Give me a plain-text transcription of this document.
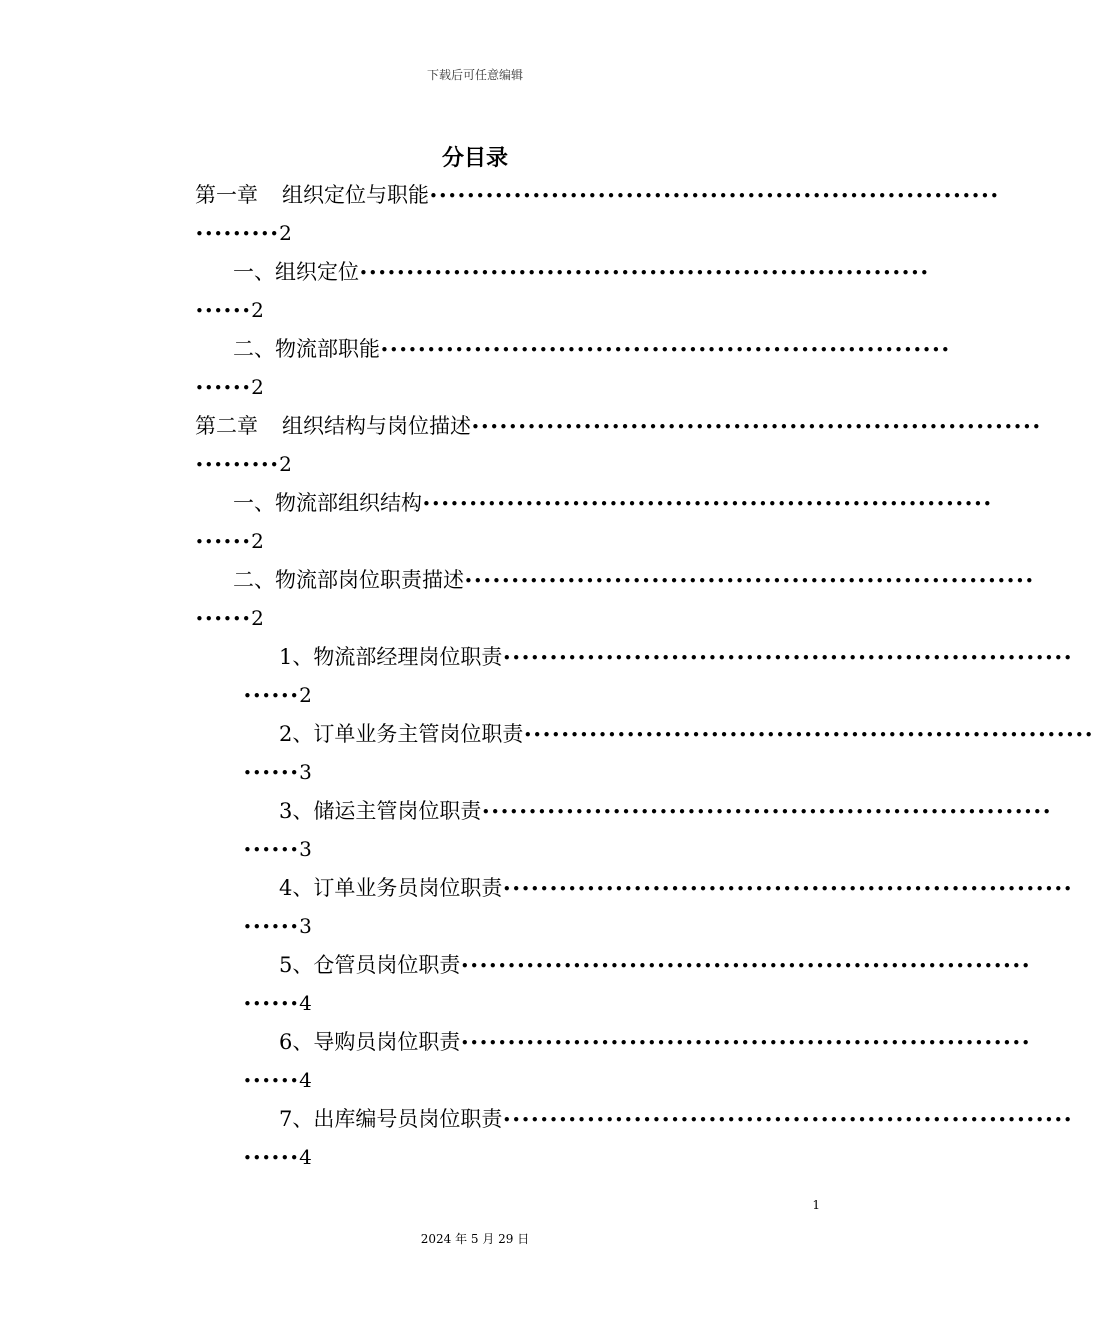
下载后可任意编辑
分目录
第一章 组织定位与职能•••••••••••••••••••••••••••••••••••••••••••••••••••••••••••••
•••••••••2
一、组织定位•••••••••••••••••••••••••••••••••••••••••••••••••••••••••••••
••••••2
二、物流部职能•••••••••••••••••••••••••••••••••••••••••••••••••••••••••••••
••••••2
第二章 组织结构与岗位描述•••••••••••••••••••••••••••••••••••••••••••••••••••••••••••••
•••••••••2
一、物流部组织结构•••••••••••••••••••••••••••••••••••••••••••••••••••••••••••••
••••••2
二、物流部岗位职责描述•••••••••••••••••••••••••••••••••••••••••••••••••••••••••••••
••••••2
1、物流部经理岗位职责•••••••••••••••••••••••••••••••••••••••••••••••••••••••••••••
••••••2
2、订单业务主管岗位职责•••••••••••••••••••••••••••••••••••••••••••••••••••••••••••••
••••••3
3、储运主管岗位职责•••••••••••••••••••••••••••••••••••••••••••••••••••••••••••••
••••••3
4、订单业务员岗位职责•••••••••••••••••••••••••••••••••••••••••••••••••••••••••••••
••••••3
5、仓管员岗位职责•••••••••••••••••••••••••••••••••••••••••••••••••••••••••••••
••••••4
6、导购员岗位职责•••••••••••••••••••••••••••••••••••••••••••••••••••••••••••••
••••••4
7、出库编号员岗位职责•••••••••••••••••••••••••••••••••••••••••••••••••••••••••••••
••••••4
1
2024 年 5 月 29 日
